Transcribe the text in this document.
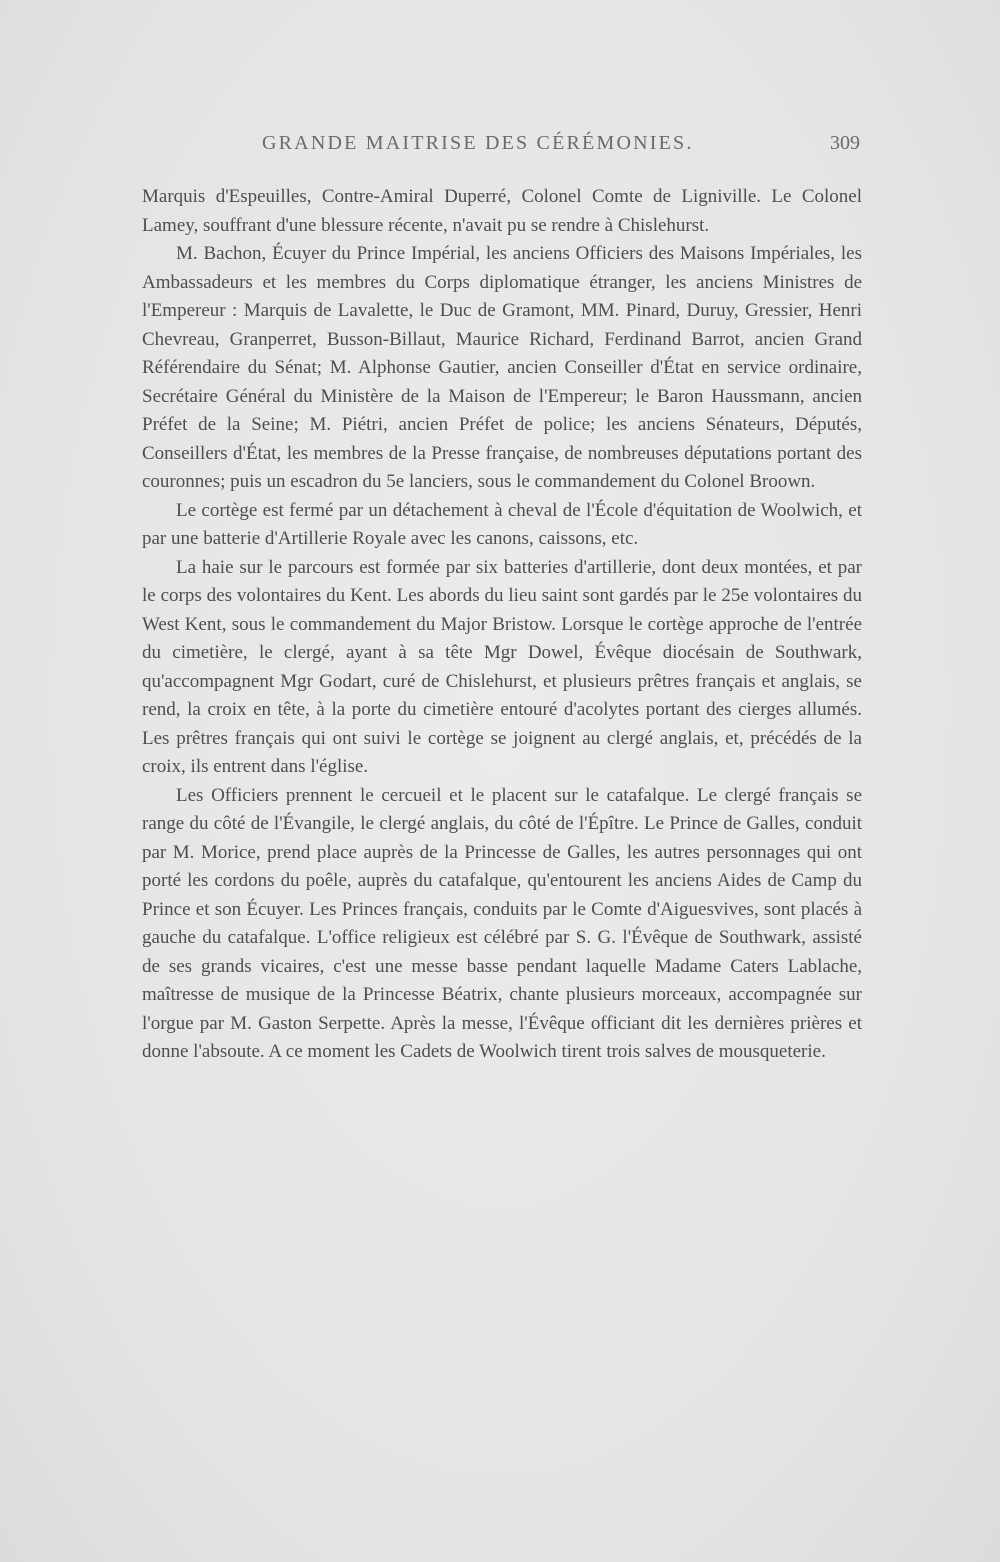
GRANDE MAITRISE DES CÉRÉMONIES.	309

Marquis d'Espeuilles, Contre-Amiral Duperré, Colonel Comte de Ligniville. Le Colonel Lamey, souffrant d'une blessure récente, n'avait pu se rendre à Chislehurst.

M. Bachon, Écuyer du Prince Impérial, les anciens Officiers des Maisons Impériales, les Ambassadeurs et les membres du Corps diplomatique étranger, les anciens Ministres de l'Empereur : Marquis de Lavalette, le Duc de Gramont, MM. Pinard, Duruy, Gressier, Henri Chevreau, Granperret, Busson-Billaut, Maurice Richard, Ferdinand Barrot, ancien Grand Référendaire du Sénat; M. Alphonse Gautier, ancien Conseiller d'État en service ordinaire, Secrétaire Général du Ministère de la Maison de l'Empereur; le Baron Haussmann, ancien Préfet de la Seine; M. Piétri, ancien Préfet de police; les anciens Sénateurs, Députés, Conseillers d'État, les membres de la Presse française, de nombreuses députations portant des couronnes; puis un escadron du 5e lanciers, sous le commandement du Colonel Broown.

Le cortège est fermé par un détachement à cheval de l'École d'équitation de Woolwich, et par une batterie d'Artillerie Royale avec les canons, caissons, etc.

La haie sur le parcours est formée par six batteries d'artillerie, dont deux montées, et par le corps des volontaires du Kent. Les abords du lieu saint sont gardés par le 25e volontaires du West Kent, sous le commandement du Major Bristow. Lorsque le cortège approche de l'entrée du cimetière, le clergé, ayant à sa tête Mgr Dowel, Évêque diocésain de Southwark, qu'accompagnent Mgr Godart, curé de Chislehurst, et plusieurs prêtres français et anglais, se rend, la croix en tête, à la porte du cimetière entouré d'acolytes portant des cierges allumés. Les prêtres français qui ont suivi le cortège se joignent au clergé anglais, et, précédés de la croix, ils entrent dans l'église.

Les Officiers prennent le cercueil et le placent sur le catafalque. Le clergé français se range du côté de l'Évangile, le clergé anglais, du côté de l'Épître. Le Prince de Galles, conduit par M. Morice, prend place auprès de la Princesse de Galles, les autres personnages qui ont porté les cordons du poêle, auprès du catafalque, qu'entourent les anciens Aides de Camp du Prince et son Écuyer. Les Princes français, conduits par le Comte d'Aiguesvives, sont placés à gauche du catafalque. L'office religieux est célébré par S. G. l'Évêque de Southwark, assisté de ses grands vicaires, c'est une messe basse pendant laquelle Madame Caters Lablache, maîtresse de musique de la Princesse Béatrix, chante plusieurs morceaux, accompagnée sur l'orgue par M. Gaston Serpette. Après la messe, l'Évêque officiant dit les dernières prières et donne l'absoute. A ce moment les Cadets de Woolwich tirent trois salves de mousqueterie.
